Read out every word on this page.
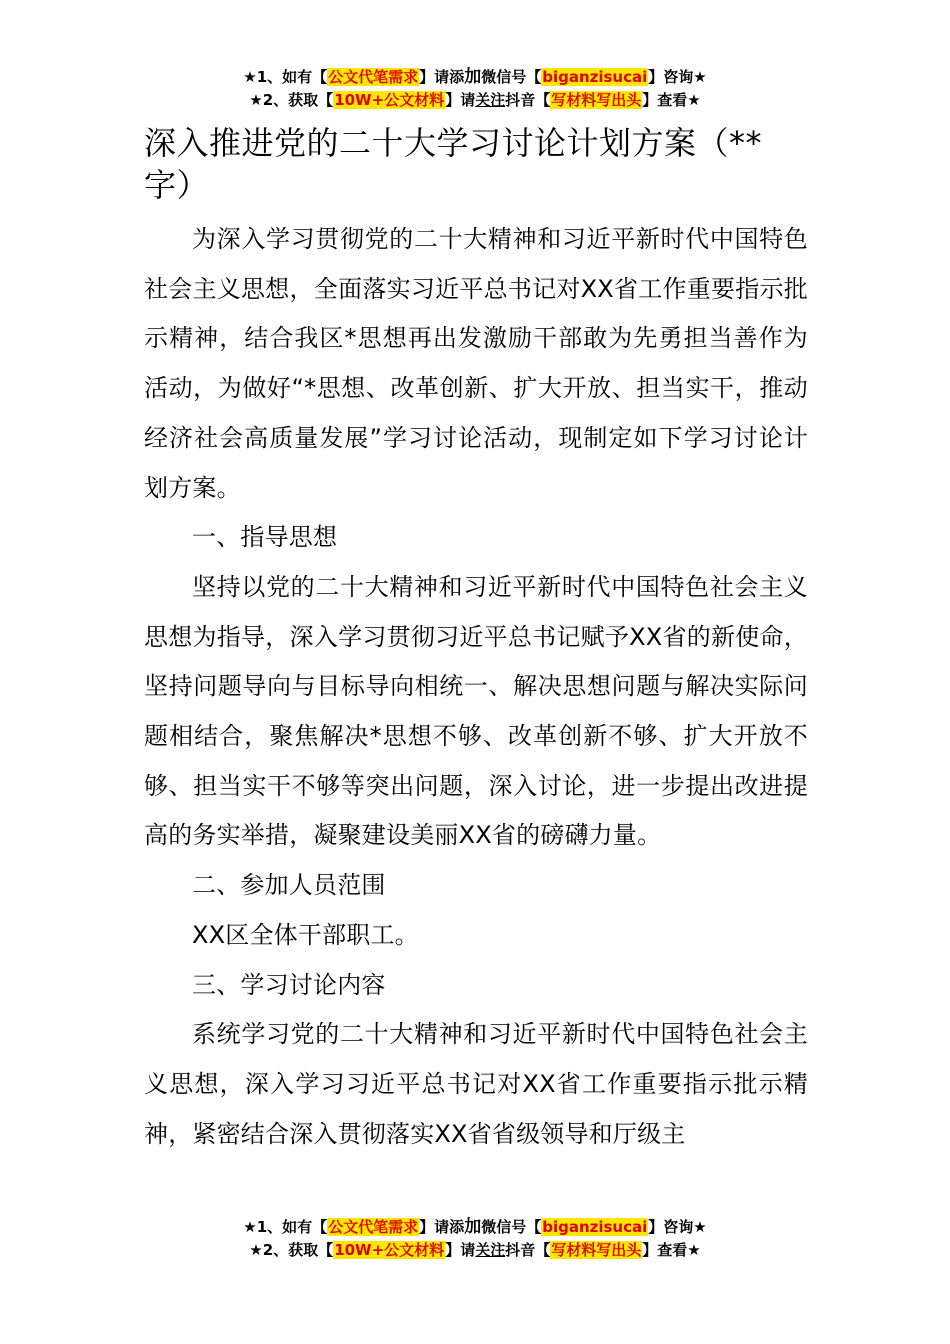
★1、如有【公文代笔需求】请添加微信号【biganzisucai】咨询★
★2、获取【10W+公文材料】请关注抖音【写材料写出头】查看★
深入推进党的二十大学习讨论计划方案（**字）

为深入学习贯彻党的二十大精神和习近平新时代中国特色社会主义思想，全面落实习近平总书记对XX省工作重要指示批示精神，结合我区*思想再出发激励干部敢为先勇担当善作为活动，为做好“*思想、改革创新、扩大开放、担当实干，推动经济社会高质量发展”学习讨论活动，现制定如下学习讨论计划方案。

一、指导思想

坚持以党的二十大精神和习近平新时代中国特色社会主义思想为指导，深入学习贯彻习近平总书记赋予XX省的新使命，坚持问题导向与目标导向相统一、解决思想问题与解决实际问题相结合，聚焦解决*思想不够、改革创新不够、扩大开放不够、担当实干不够等突出问题，深入讨论，进一步提出改进提高的务实举措，凝聚建设美丽XX省的磅礴力量。

二、参加人员范围

XX区全体干部职工。

三、学习讨论内容

系统学习党的二十大精神和习近平新时代中国特色社会主义思想，深入学习习近平总书记对XX省工作重要指示批示精神，紧密结合深入贯彻落实XX省省级领导和厅级主

★1、如有【公文代笔需求】请添加微信号【biganzisucai】咨询★
★2、获取【10W+公文材料】请关注抖音【写材料写出头】查看★
